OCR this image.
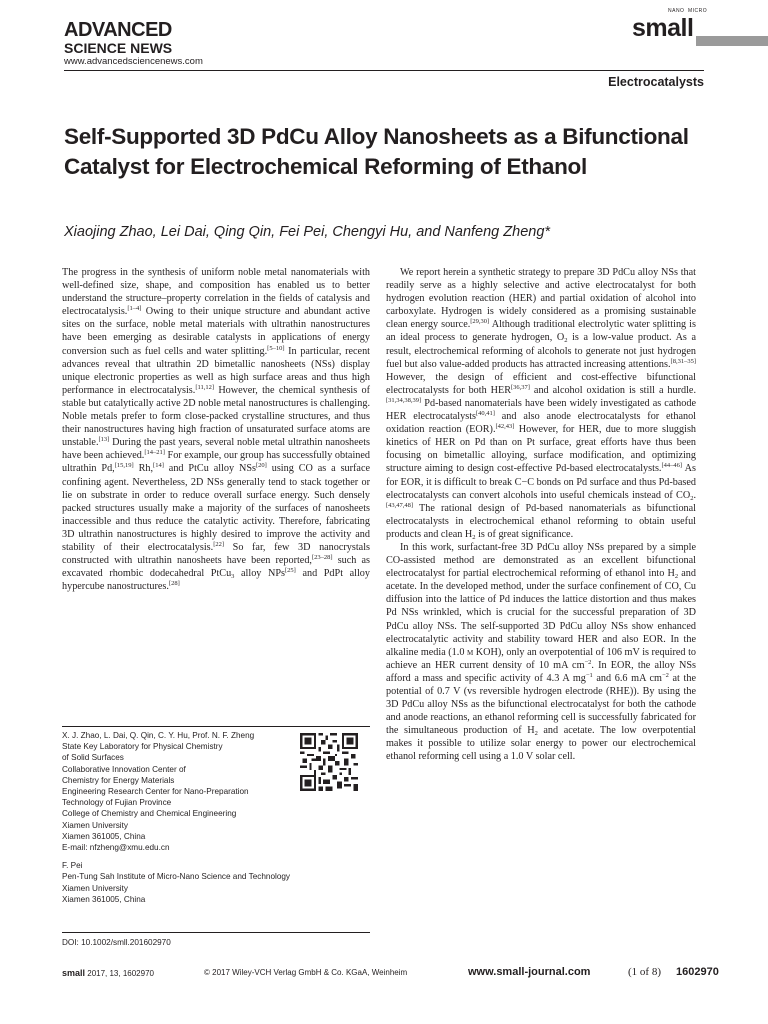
ADVANCED
SCIENCE NEWS
www.advancedsciencenews.com
NANO MICRO
small
Electrocatalysts
Self-Supported 3D PdCu Alloy Nanosheets as a Bifunctional Catalyst for Electrochemical Reforming of Ethanol

Xiaojing Zhao, Lei Dai, Qing Qin, Fei Pei, Chengyi Hu, and Nanfeng Zheng*

The progress in the synthesis of uniform noble metal nanomaterials with well-defined size, shape, and composition has enabled us to better understand the structure–property correlation in the fields of catalysis and electrocatalysis.[1–4] Owing to their unique structure and abundant active sites on the surface, noble metal materials with ultrathin nanostructures have been emerging as desirable catalysts in applications of energy conversion such as fuel cells and water splitting.[5–10] In particular, recent advances reveal that ultrathin 2D bimetallic nanosheets (NSs) display unique electronic properties as well as high surface areas and thus high performance in electrocatalysis.[11,12] However, the chemical synthesis of stable but catalytically active 2D noble metal nanostructures is challenging. Noble metals prefer to form close-packed crystalline structures, and thus their nanostructures having high fraction of unsaturated surface atoms are unstable.[13] During the past years, several noble metal ultrathin nanosheets have been achieved.[14–21] For example, our group has successfully obtained ultrathin Pd,[15,19] Rh,[14] and PtCu alloy NSs[20] using CO as a surface confining agent. Nevertheless, 2D NSs generally tend to stack together or lie on substrate in order to reduce overall surface energy. Such densely packed structures usually make a majority of the surfaces of nanosheets inaccessible and thus reduce the catalytic activity. Therefore, fabricating 3D ultrathin nanostructures is highly desired to improve the activity and stability of their electrocatalysis.[22] So far, few 3D nanocrystals constructed with ultrathin nanosheets have been reported,[23–28] such as excavated rhombic dodecahedral PtCu$_3$ alloy NPs[25] and PdPt alloy hypercube nanostructures.[28]

X. J. Zhao, L. Dai, Q. Qin, C. Y. Hu, Prof. N. F. Zheng
State Key Laboratory for Physical Chemistry
of Solid Surfaces
Collaborative Innovation Center of
Chemistry for Energy Materials
Engineering Research Center for Nano-Preparation
Technology of Fujian Province
College of Chemistry and Chemical Engineering
Xiamen University
Xiamen 361005, China
E-mail: nfzheng@xmu.edu.cn
F. Pei
Pen-Tung Sah Institute of Micro-Nano Science and Technology
Xiamen University
Xiamen 361005, China
DOI: 10.1002/smll.201602970

We report herein a synthetic strategy to prepare 3D PdCu alloy NSs that readily serve as a highly selective and active electrocatalyst for both hydrogen evolution reaction (HER) and partial oxidation of alcohol into carboxylate. Hydrogen is widely considered as a promising sustainable clean energy source.[29,30] Although traditional electrolytic water splitting is an ideal process to generate hydrogen, $O_2$ is a low-value product. As a result, electrochemical reforming of alcohols to generate not just hydrogen fuel but also value-added products has attracted increasing attentions.[8,31–35] However, the design of efficient and cost-effective bifunctional electrocatalysts for both HER[36,37] and alcohol oxidation is still a hurdle.[31,34,38,39] Pd-based nanomaterials have been widely investigated as cathode HER electrocatalysts[40,41] and also anode electrocatalysts for ethanol oxidation reaction (EOR).[42,43] However, for HER, due to more sluggish kinetics of HER on Pd than on Pt surface, great efforts have thus been focusing on bimetallic alloying, surface modification, and optimizing structure aiming to design cost-effective Pd-based electrocatalysts.[44–46] As for EOR, it is difficult to break C−C bonds on Pd surface and thus Pd-based electrocatalysts can convert alcohols into useful chemicals instead of $CO_2.[43,47,48]$ The rational design of Pd-based nanomaterials as bifunctional electrocatalysts in electrochemical ethanol reforming to obtain useful products and clean $H_2$ is of great significance.

In this work, surfactant-free 3D PdCu alloy NSs prepared by a simple CO-assisted method are demonstrated as an excellent bifunctional electrocatalyst for partial electrochemical reforming of ethanol into $H_2$ and acetate. In the developed method, under the surface confinement of CO, Cu diffusion into the lattice of Pd induces the lattice distortion and thus makes Pd NSs wrinkled, which is crucial for the successful preparation of 3D PdCu alloy NSs. The self-supported 3D PdCu alloy NSs show enhanced electrocatalytic activity and stability toward HER and also EOR. In the alkaline media (1.0 m KOH), only an overpotential of 106 mV is required to achieve an HER current density of 10 mA $cm^{-2}$. In EOR, the alloy NSs afford a mass and specific activity of 4.3 A $mg^{-1}$ and 6.6 mA $cm^{-2}$ at the potential of 0.7 V (vs reversible hydrogen electrode (RHE)). By using the 3D PdCu alloy NSs as the bifunctional electrocatalyst for both the cathode and anode reactions, an ethanol reforming cell is successfully fabricated for the simultaneous production of $H_2$ and acetate. The low overpotential makes it possible to utilize solar energy to power our electrochemical ethanol reforming cell using a 1.0 V solar cell.

small 2017, 13, 1602970	© 2017 Wiley-VCH Verlag GmbH & Co. KGaA, Weinheim	www.small-journal.com	(1 of 8) 1602970
